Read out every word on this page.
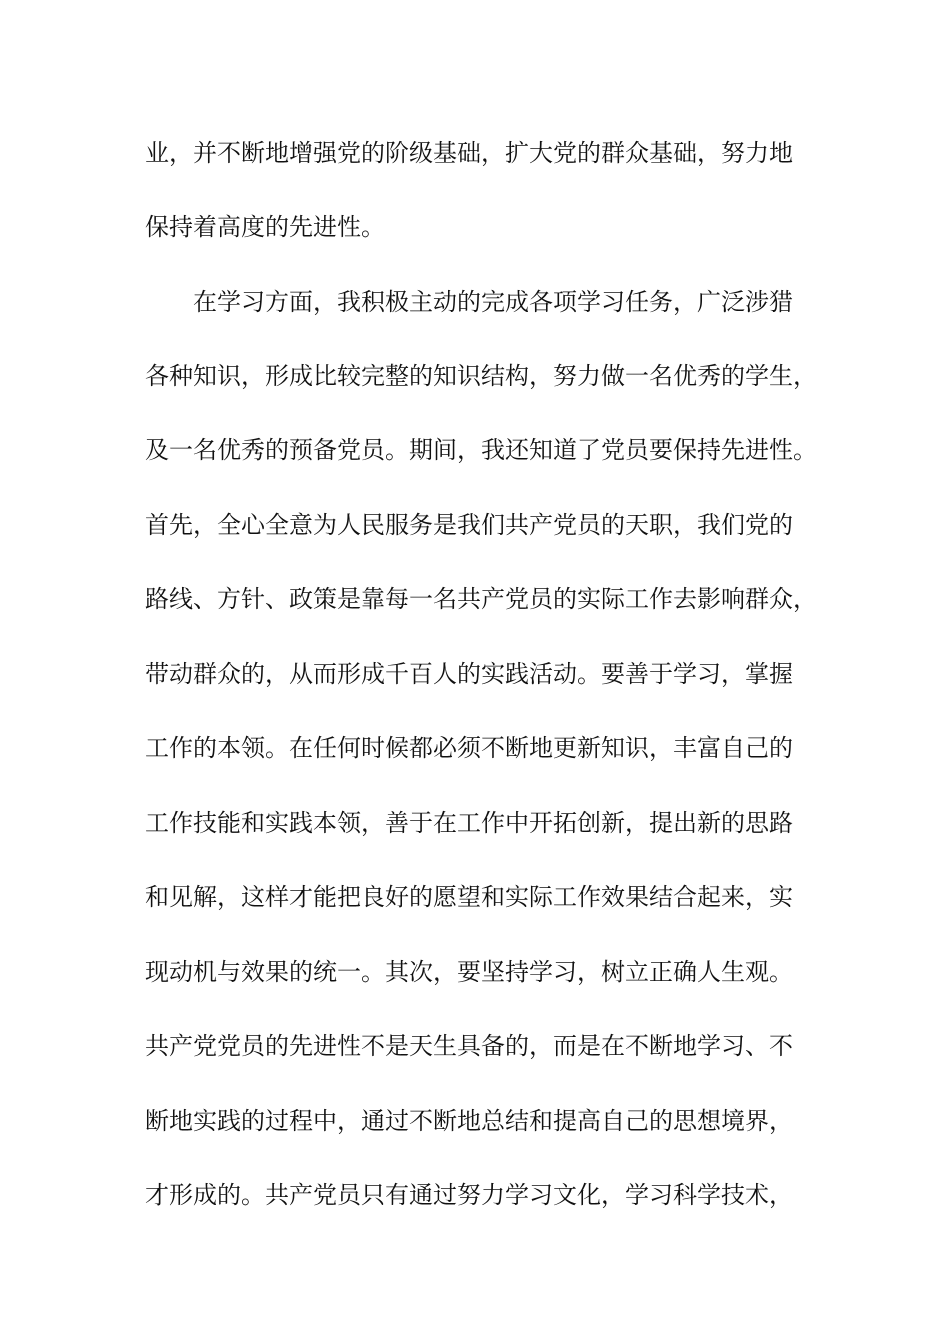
业，并不断地增强党的阶级基础，扩大党的群众基础，努力地
保持着高度的先进性。
在学习方面，我积极主动的完成各项学习任务，广泛涉猎
各种知识，形成比较完整的知识结构，努力做一名优秀的学生，
及一名优秀的预备党员。期间，我还知道了党员要保持先进性。
首先，全心全意为人民服务是我们共产党员的天职，我们党的
路线、方针、政策是靠每一名共产党员的实际工作去影响群众，
带动群众的，从而形成千百人的实践活动。要善于学习，掌握
工作的本领。在任何时候都必须不断地更新知识，丰富自己的
工作技能和实践本领，善于在工作中开拓创新，提出新的思路
和见解，这样才能把良好的愿望和实际工作效果结合起来，实
现动机与效果的统一。其次，要坚持学习，树立正确人生观。
共产党党员的先进性不是天生具备的，而是在不断地学习、不
断地实践的过程中，通过不断地总结和提高自己的思想境界，
才形成的。共产党员只有通过努力学习文化，学习科学技术，
